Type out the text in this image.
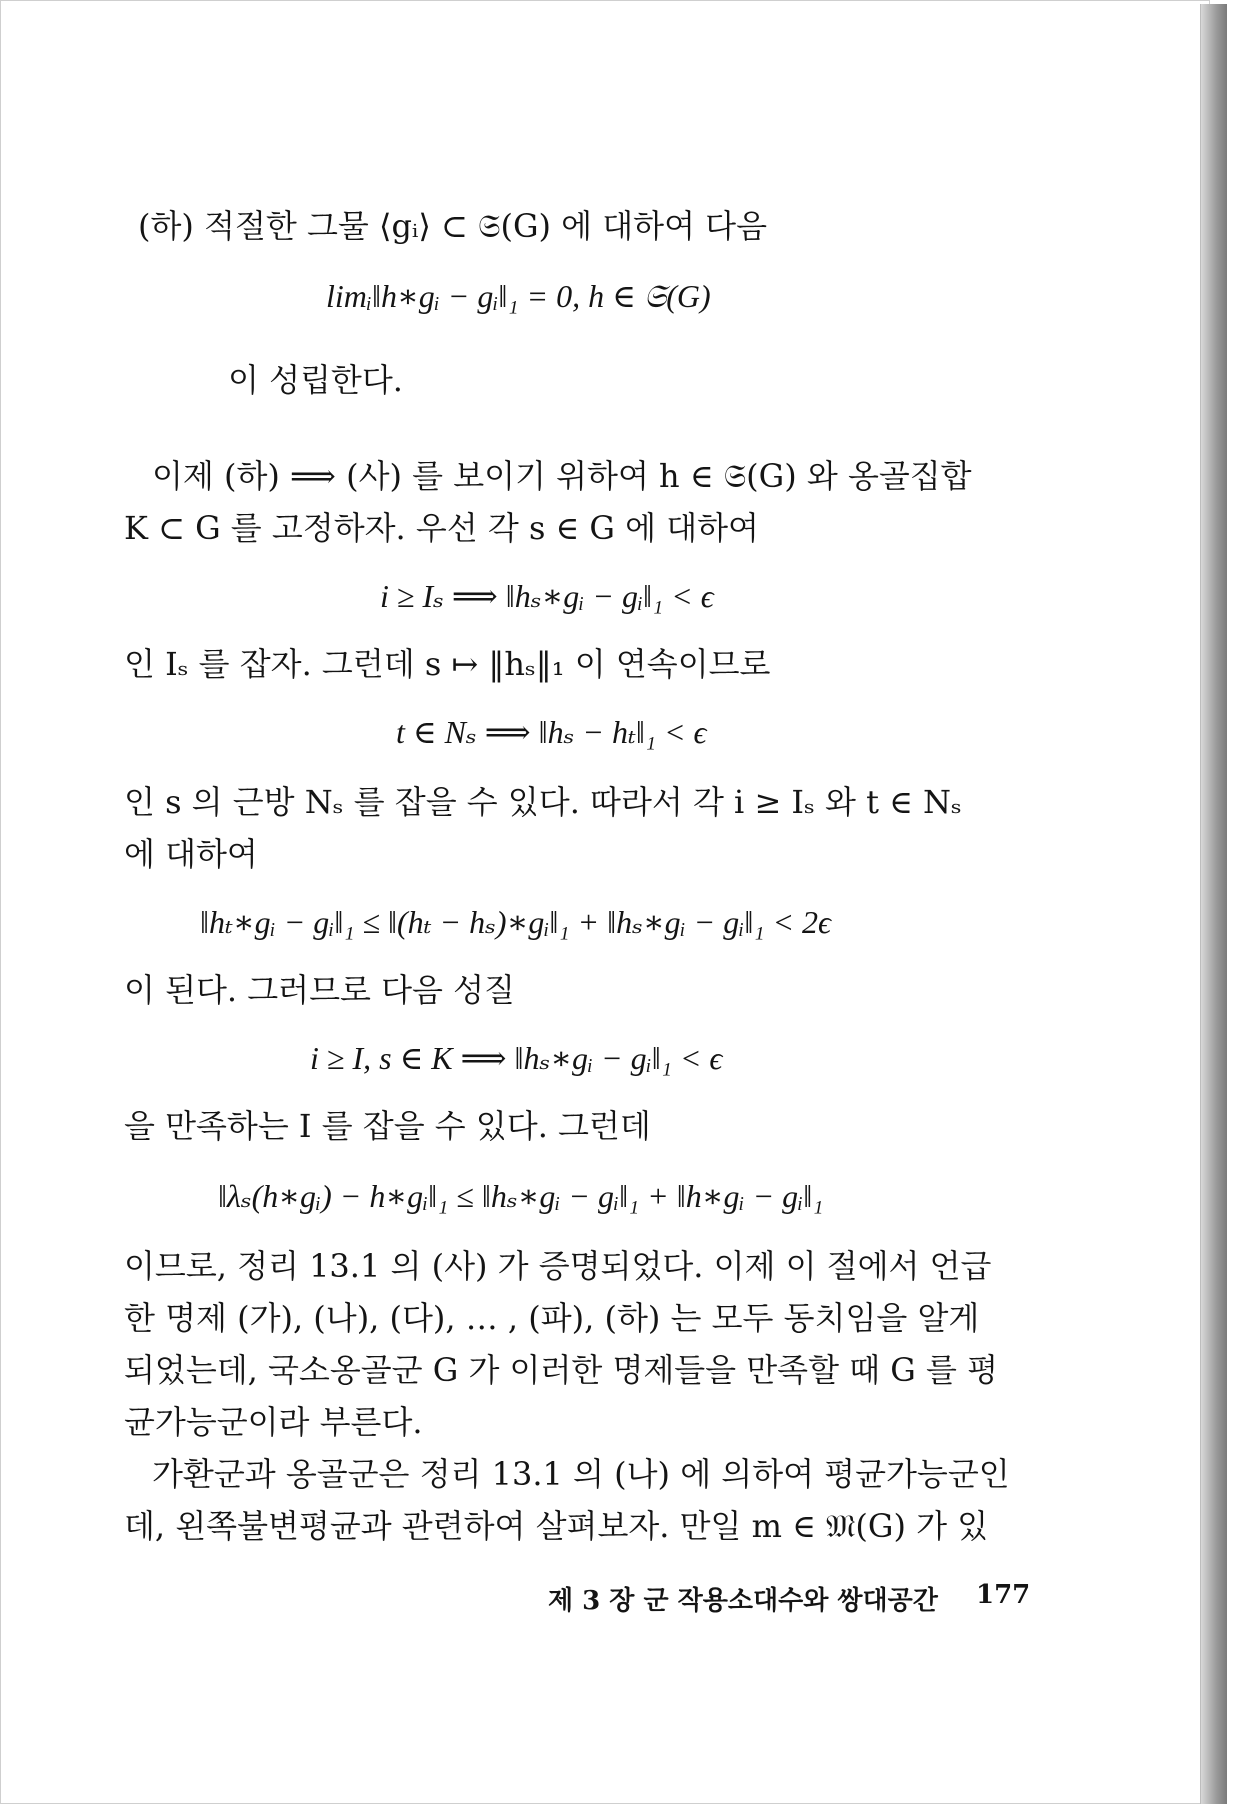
(하) 적절한 그물 ⟨gᵢ⟩ ⊂ 𝔖(G) 에 대하여 다음
limᵢ‖h∗gᵢ − gᵢ‖₁ = 0, h ∈ 𝔖(G)
이 성립한다.
이제 (하) ⟹ (사) 를 보이기 위하여 h ∈ 𝔖(G) 와 옹골집합
K ⊂ G 를 고정하자. 우선 각 s ∈ G 에 대하여
i ≥ Iₛ ⟹ ‖hₛ∗gᵢ − gᵢ‖₁ < ϵ
인 Iₛ 를 잡자. 그런데 s ↦ ‖hₛ‖₁ 이 연속이므로
t ∈ Nₛ ⟹ ‖hₛ − hₜ‖₁ < ϵ
인 s 의 근방 Nₛ 를 잡을 수 있다. 따라서 각 i ≥ Iₛ 와 t ∈ Nₛ
에 대하여
‖hₜ∗gᵢ − gᵢ‖₁ ≤ ‖(hₜ − hₛ)∗gᵢ‖₁ + ‖hₛ∗gᵢ − gᵢ‖₁ < 2ϵ
이 된다. 그러므로 다음 성질
i ≥ I, s ∈ K ⟹ ‖hₛ∗gᵢ − gᵢ‖₁ < ϵ
을 만족하는 I 를 잡을 수 있다. 그런데
‖λₛ(h∗gᵢ) − h∗gᵢ‖₁ ≤ ‖hₛ∗gᵢ − gᵢ‖₁ + ‖h∗gᵢ − gᵢ‖₁
이므로, 정리 13.1 의 (사) 가 증명되었다. 이제 이 절에서 언급
한 명제 (가), (나), (다), … , (파), (하) 는 모두 동치임을 알게
되었는데, 국소옹골군 G 가 이러한 명제들을 만족할 때 G 를 평
균가능군이라 부른다.
가환군과 옹골군은 정리 13.1 의 (나) 에 의하여 평균가능군인
데, 왼쪽불변평균과 관련하여 살펴보자. 만일 m ∈ 𝔐(G) 가 있
제 3 장 군 작용소대수와 쌍대공간 177
